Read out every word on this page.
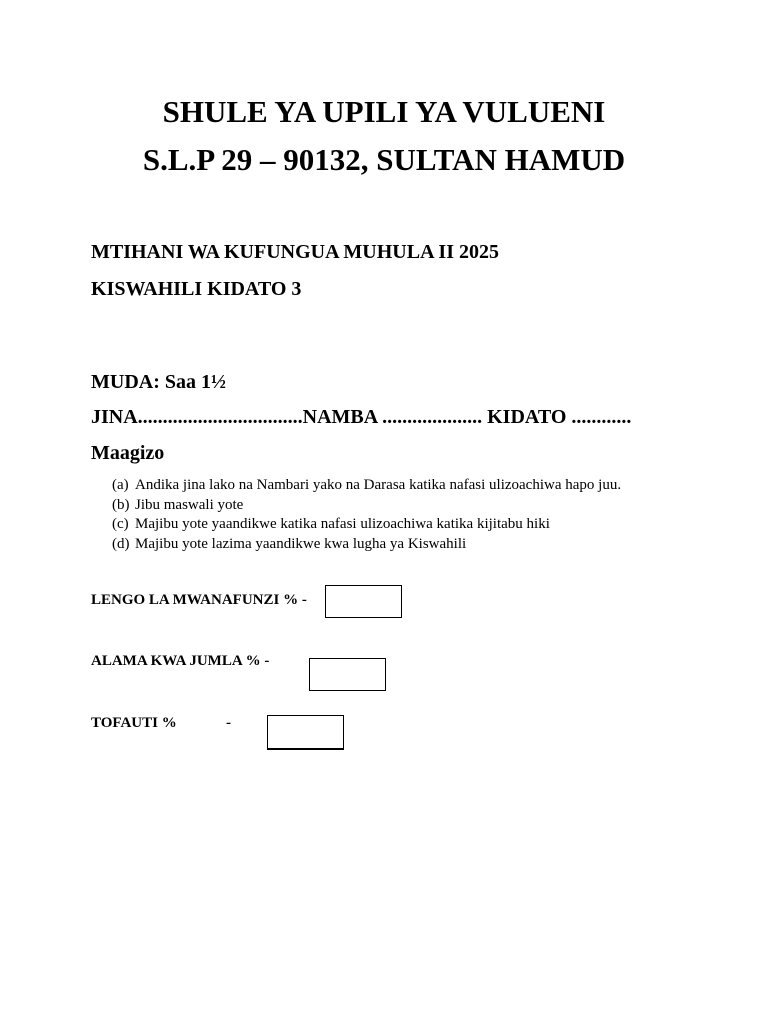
SHULE YA UPILI YA VULUENI
S.L.P 29 – 90132, SULTAN HAMUD

MTIHANI WA KUFUNGUA MUHULA II 2025

KISWAHILI KIDATO 3

MUDA: Saa 1½

JINA.................................NAMBA .................... KIDATO ............

Maagizo

(a) Andika jina lako na Nambari yako na Darasa katika nafasi ulizoachiwa hapo juu.
(b) Jibu maswali yote
(c) Majibu yote yaandikwe katika nafasi ulizoachiwa katika kijitabu hiki
(d) Majibu yote lazima yaandikwe kwa lugha ya Kiswahili

LENGO LA MWANAFUNZI % -

ALAMA KWA JUMLA % -

TOFAUTI %	-
